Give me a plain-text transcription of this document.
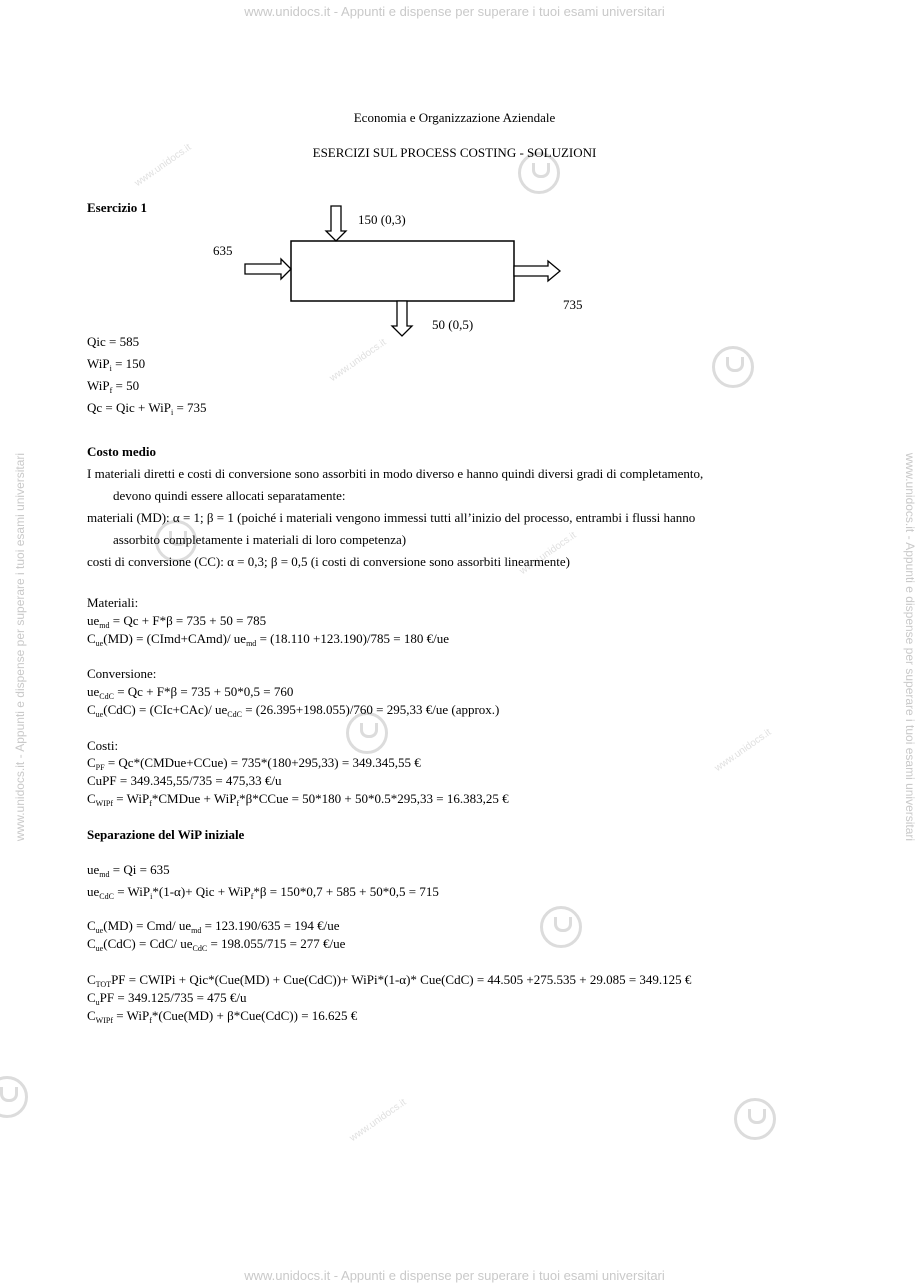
www.unidocs.it - Appunti e dispense per superare i tuoi esami universitari
www.unidocs.it - Appunti e dispense per superare i tuoi esami universitari
www.unidocs.it - Appunti e dispense per superare i tuoi esami universitari	www.unidocs.it - Appunti e dispense per superare i tuoi esami universitari
www.unidocs.it
www.unidocs.it
www.unidocs.it
www.unidocs.it
www.unidocs.it
Economia e Organizzazione Aziendale
ESERCIZI SUL PROCESS COSTING - SOLUZIONI
Esercizio 1
150 (0,3)
635
735
50 (0,5)
Qic = 585
WiP$_i$ = 150
WiP$_f$ = 50
Qc = Qic + WiP$_i$ = 735
Costo medio
I materiali diretti e costi di conversione sono assorbiti in modo diverso e hanno quindi diversi gradi di completamento,
devono quindi essere allocati separatamente:
materiali (MD): α = 1; β = 1 (poiché i materiali vengono immessi tutti all’inizio del processo, entrambi i flussi hanno
assorbito completamente i materiali di loro competenza)
costi di conversione (CC): α = 0,3; β = 0,5 (i costi di conversione sono assorbiti linearmente)
Materiali:
$ue_{md} = Qc + F*\beta = 735 + 50 = 785$
$C_{ue}(MD)$ = (CImd+CAmd)/ $ue_{md} = (18.110 +123.190)/785 = 180$ €/ue
Conversione:
$ue_{CdC} = Qc + F*\beta = 735 + 50*0,5 = 760$
$C_{ue}(CdC) = (CIc+CAc)/$ $ue_{CdC} = (26.395+198.055)/760 = 295,33$ €/ue (approx.)
Costi:
$C_{PF}$ = Qc*(CMDue+CCue) = 735*(180+295,33) = 349.345,55 €
CuPF = 349.345,55/735 = 475,33 €/u
$C_{WIPf}$ = WiP$_f$*CMDue + WiP$_f$*β*CCue = 50*180 + 50*0.5*295,33 = 16.383,25 €
Separazione del WiP iniziale
$ue_{md} = Qi = 635$
$ue_{CdC} = WiP_i*(1-\alpha)+$ Qic + WiP$_f$*β = 150*0,7 + 585 + 50*0,5 = 715
$C_{ue}(MD) = Cmd/$ $ue_{md} = 123.190/635 = 194$ €/ue
$C_{ue}(CdC) = CdC/$ $ue_{CdC} = 198.055/715 = 277$ €/ue
$C_{TOT}PF$ = CWIPi + Qic*(Cue(MD) + Cue(CdC))+ WiPi*(1-α)* Cue(CdC) = 44.505 +275.535 + 29.085 = 349.125 €
$C_uPF = 349.125/735 = 475$ €/u
$C_{WIPf} = WiP_f*(Cue(MD) + \beta*Cue(CdC)) = 16.625$ €
